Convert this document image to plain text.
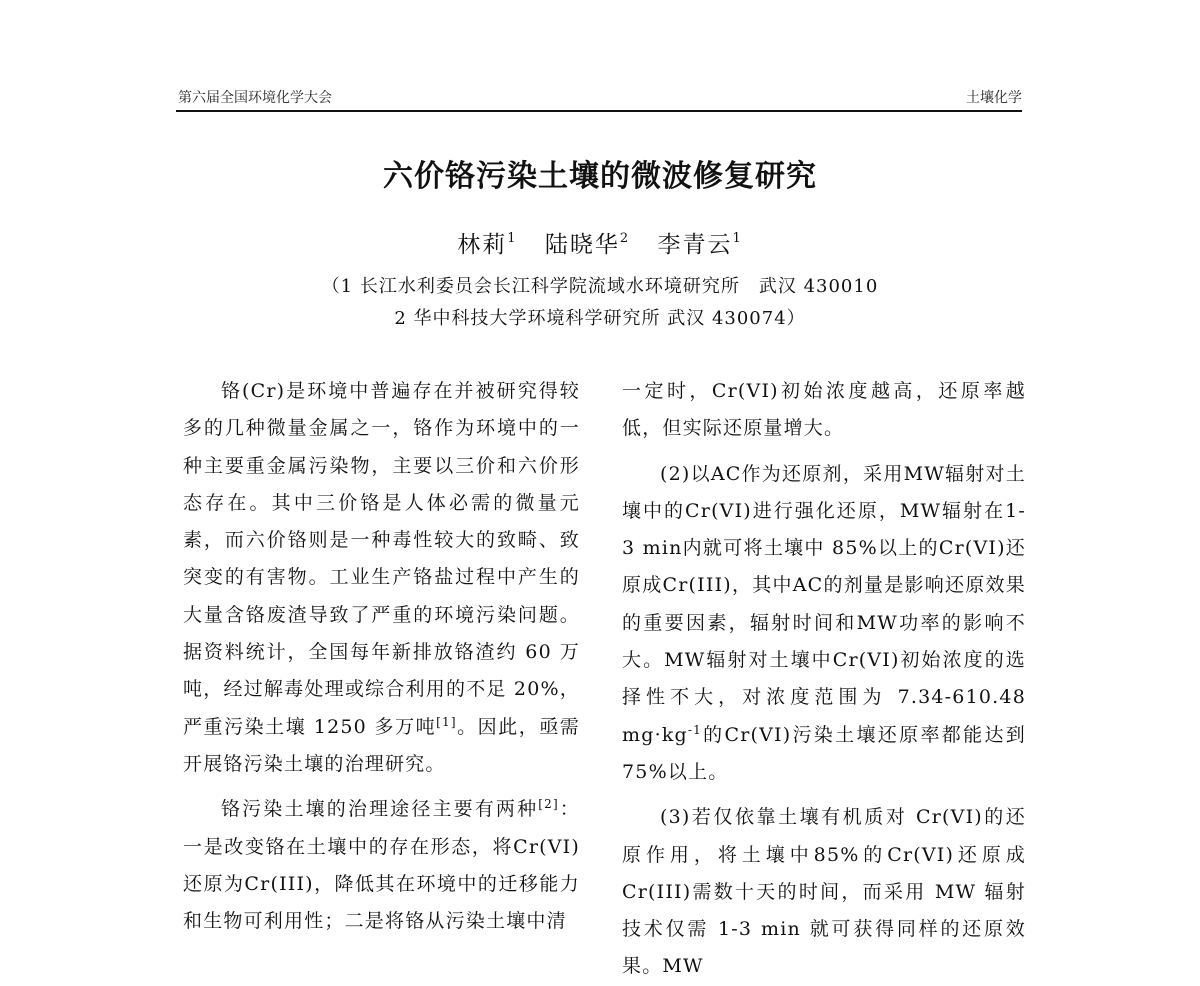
第六届全国环境化学大会	土壤化学
六价铬污染土壤的微波修复研究
林莉$^1$ 陆晓华$^2$ 李青云$^1$
（1 长江水利委员会长江科学院流域水环境研究所　武汉 430010
2 华中科技大学环境科学研究所 武汉 430074）

铬(Cr)是环境中普遍存在并被研究得较多的几种微量金属之一，铬作为环境中的一种主要重金属污染物，主要以三价和六价形态存在。其中三价铬是人体必需的微量元素，而六价铬则是一种毒性较大的致畸、致突变的有害物。工业生产铬盐过程中产生的大量含铬废渣导致了严重的环境污染问题。据资料统计，全国每年新排放铬渣约 60 万吨，经过解毒处理或综合利用的不足 20%，严重污染土壤 1250 多万吨[1]。因此，亟需开展铬污染土壤的治理研究。

铬污染土壤的治理途径主要有两种[2]：一是改变铬在土壤中的存在形态，将Cr(VI)还原为Cr(III)，降低其在环境中的迁移能力和生物可利用性；二是将铬从污染土壤中清

一定时，Cr(VI)初始浓度越高，还原率越低，但实际还原量增大。

(2)以AC作为还原剂，采用MW辐射对土壤中的Cr(VI)进行强化还原，MW辐射在1-3 min内就可将土壤中 85%以上的Cr(VI)还原成Cr(III)，其中AC的剂量是影响还原效果的重要因素，辐射时间和MW功率的影响不大。MW辐射对土壤中Cr(VI)初始浓度的选择性不大，对浓度范围为 7.34-610.48 mg·kg$^{-1}$的Cr(VI)污染土壤还原率都能达到75%以上。

(3)若仅依靠土壤有机质对 Cr(VI)的还原作用，将土壤中85%的Cr(VI)还原成Cr(III)需数十天的时间，而采用 MW 辐射技术仅需 1-3 min 就可获得同样的还原效果。MW
